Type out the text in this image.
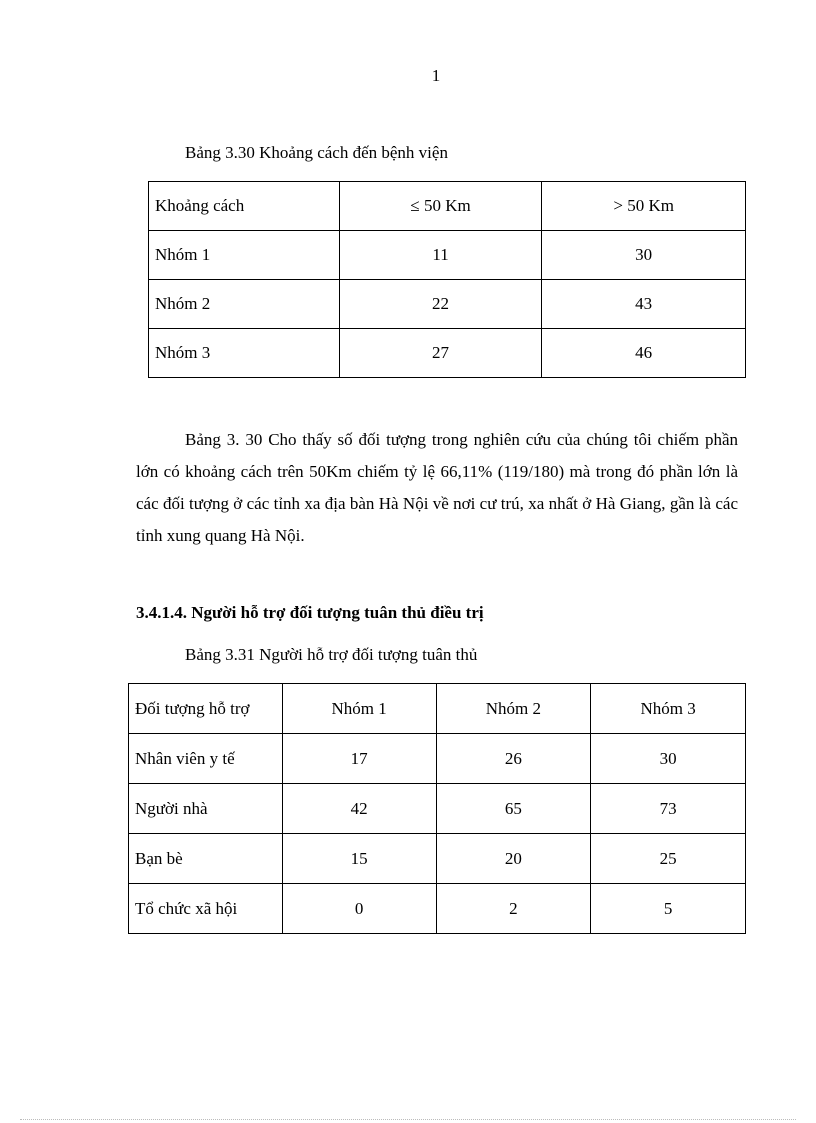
1
Bảng 3.30 Khoảng cách đến bệnh viện
Khoảng cách	≤ 50 Km	> 50 Km
Nhóm 1	11	30
Nhóm 2	22	43
Nhóm 3	27	46

Bảng 3. 30 Cho thấy số đối tượng trong nghiên cứu của chúng tôi chiếm phần lớn có khoảng cách trên 50Km chiếm tỷ lệ 66,11% (119/180) mà trong đó phần lớn là các đối tượng ở các tỉnh xa địa bàn Hà Nội về nơi cư trú, xa nhất ở Hà Giang, gần là các tỉnh xung quang Hà Nội.

3.4.1.4. Người hỗ trợ đối tượng tuân thủ điều trị
Bảng 3.31 Người hỗ trợ đối tượng tuân thủ
Đối tượng hỗ trợ	Nhóm 1	Nhóm 2	Nhóm 3
Nhân viên y tế	17	26	30
Người nhà	42	65	73
Bạn bè	15	20	25
Tổ chức xã hội	0	2	5
